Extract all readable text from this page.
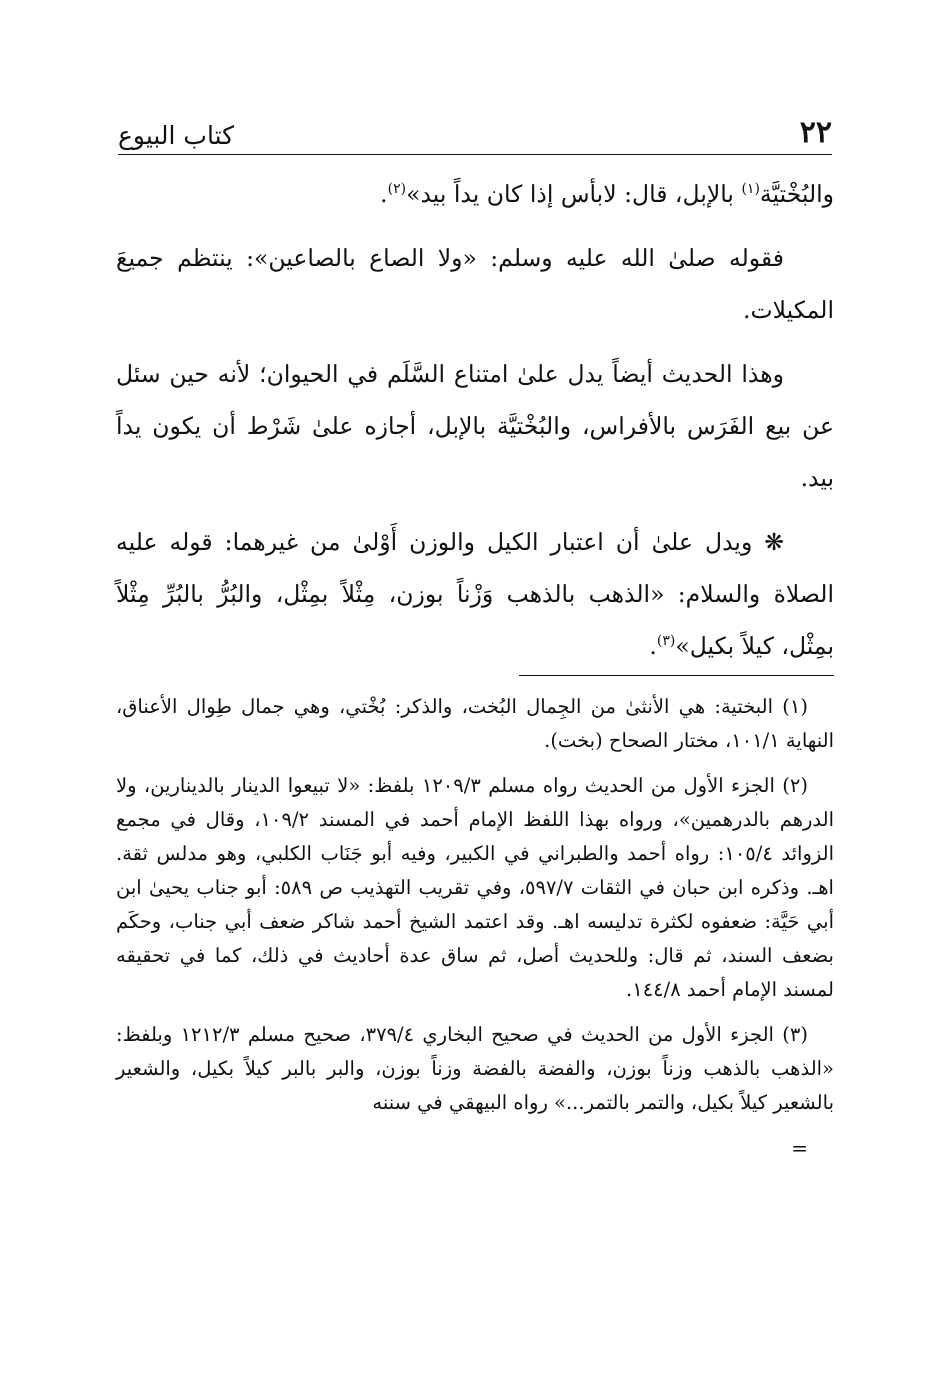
٢٢
كتاب البيوع

والبُخْتيَّة$^{(١)}$ بالإبل، قال: لابأس إذا كان يداً بيد»$^{(٢)}$.

فقوله صلىٰ الله عليه وسلم: «ولا الصاع بالصاعين»: ينتظم جميعَ المكيلات.

وهذا الحديث أيضاً يدل علىٰ امتناع السَّلَم في الحيوان؛ لأنه حين سئل عن بيع الفَرَس بالأفراس، والبُخْتيَّة بالإبل، أجازه علىٰ شَرْط أن يكون يداً بيد.

❋ ويدل علىٰ أن اعتبار الكيل والوزن أَوْلىٰ من غيرهما: قوله عليه الصلاة والسلام: «الذهب بالذهب وَزْناً بوزن، مِثْلاً بمِثْل، والبُرُّ بالبُرِّ مِثْلاً بمِثْل، كيلاً بكيل»$^{(٣)}$.

(١) البختية: هي الأنثىٰ من الجِمال البُخت، والذكر: بُخْتي، وهي جمال طِوال الأعناق، النهاية ١٠١/١، مختار الصحاح (بخت).

(٢) الجزء الأول من الحديث رواه مسلم ١٢٠٩/٣ بلفظ: «لا تبيعوا الدينار بالدينارين، ولا الدرهم بالدرهمين»، ورواه بهذا اللفظ الإمام أحمد في المسند ١٠٩/٢، وقال في مجمع الزوائد ١٠٥/٤: رواه أحمد والطبراني في الكبير، وفيه أبو جَنَاب الكلبي، وهو مدلس ثقة. اهـ. وذكره ابن حبان في الثقات ٥٩٧/٧، وفي تقريب التهذيب ص ٥٨٩: أبو جناب يحيىٰ ابن أبي حَيَّة: ضعفوه لكثرة تدليسه اهـ. وقد اعتمد الشيخ أحمد شاكر ضعف أبي جناب، وحكَم بضعف السند، ثم قال: وللحديث أصل، ثم ساق عدة أحاديث في ذلك، كما في تحقيقه لمسند الإمام أحمد ١٤٤/٨.

(٣) الجزء الأول من الحديث في صحيح البخاري ٣٧٩/٤، صحيح مسلم ١٢١٢/٣ وبلفظ: «الذهب بالذهب وزناً بوزن، والفضة بالفضة وزناً بوزن، والبر بالبر كيلاً بكيل، والشعير بالشعير كيلاً بكيل، والتمر بالتمر...» رواه البيهقي في سننه

=
